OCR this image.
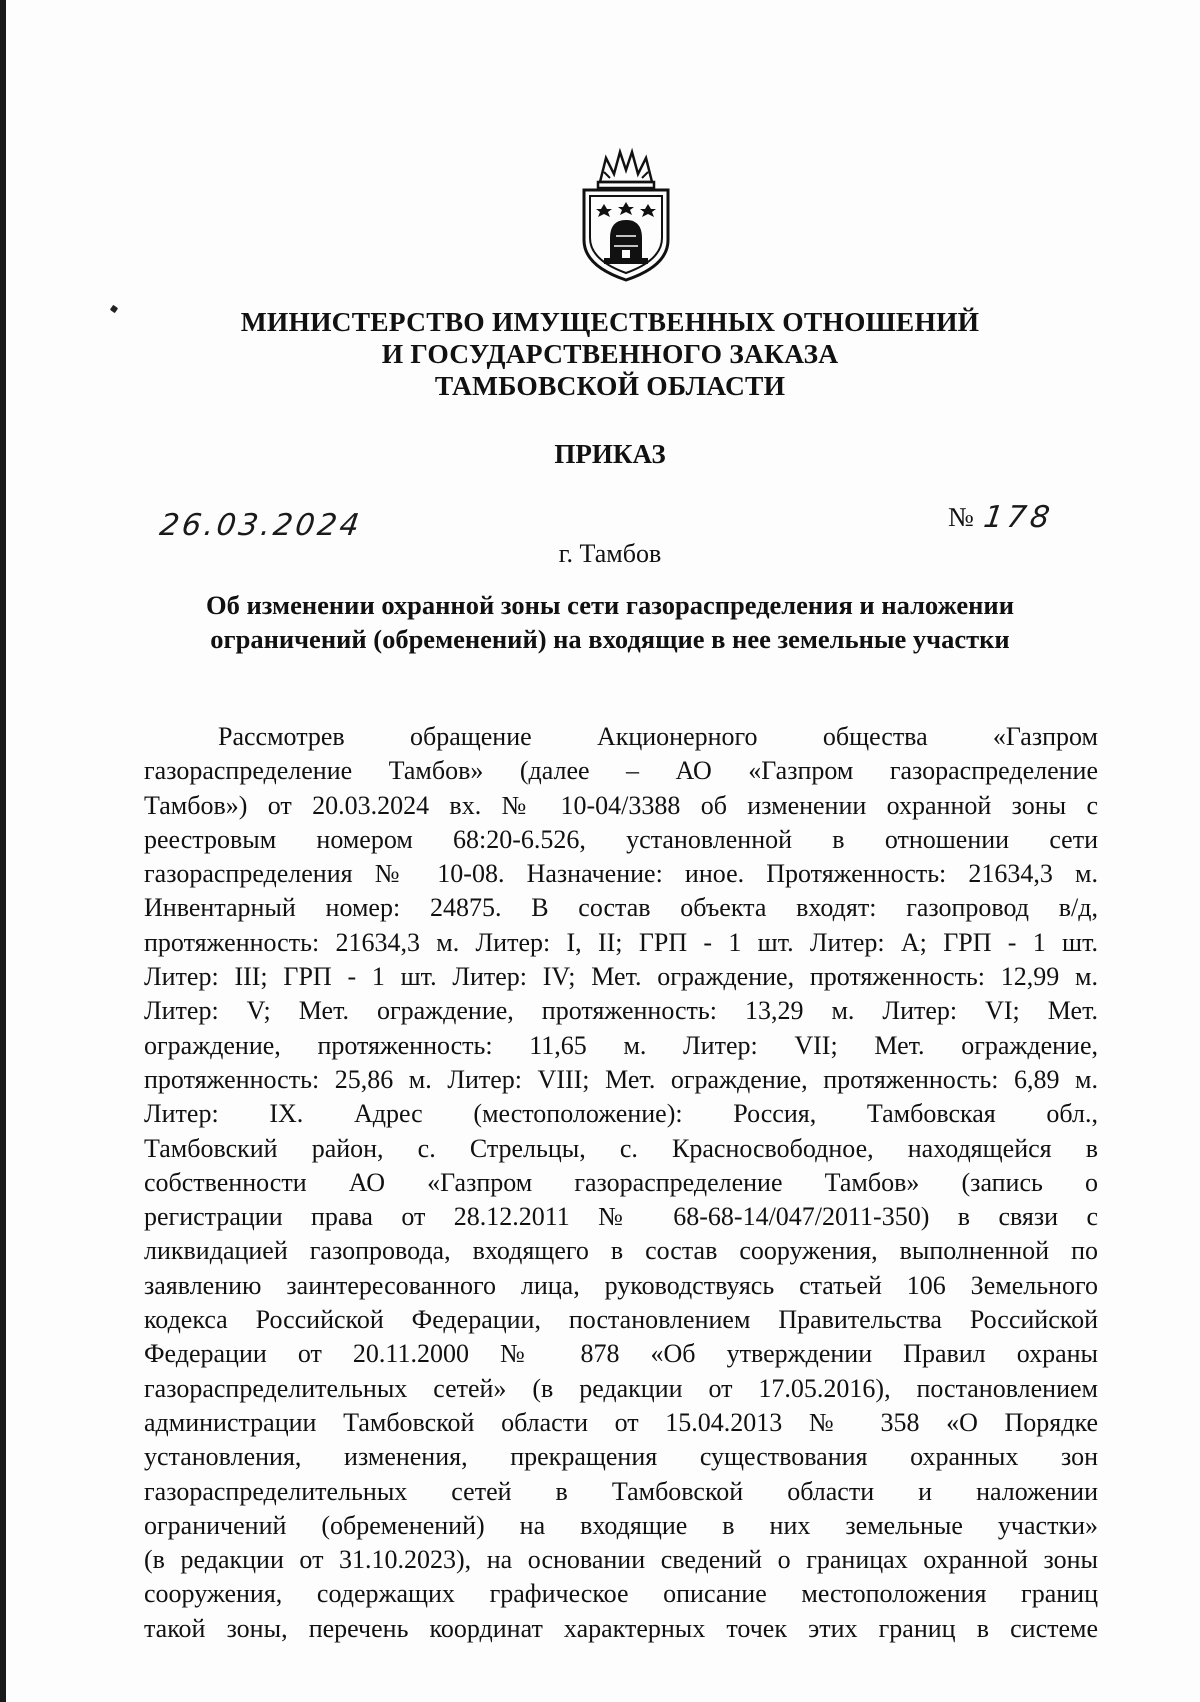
МИНИСТЕРСТВО ИМУЩЕСТВЕННЫХ ОТНОШЕНИЙ
И ГОСУДАРСТВЕННОГО ЗАКАЗА
ТАМБОВСКОЙ ОБЛАСТИ
ПРИКАЗ
26.03.2024	№ 178
г. Тамбов
Об изменении охранной зоны сети газораспределения и наложении
ограничений (обременений) на входящие в нее земельные участки
Рассмотрев обращение Акционерного общества «Газпром
газораспределение Тамбов» (далее – АО «Газпром газораспределение
Тамбов») от 20.03.2024 вх. № 10-04/3388 об изменении охранной зоны с
реестровым номером 68:20-6.526, установленной в отношении сети
газораспределения № 10-08. Назначение: иное. Протяженность: 21634,3 м.
Инвентарный номер: 24875. В состав объекта входят: газопровод в/д,
протяженность: 21634,3 м. Литер: I, II; ГРП - 1 шт. Литер: А; ГРП - 1 шт.
Литер: III; ГРП - 1 шт. Литер: IV; Мет. ограждение, протяженность: 12,99 м.
Литер: V; Мет. ограждение, протяженность: 13,29 м. Литер: VI; Мет.
ограждение, протяженность: 11,65 м. Литер: VII; Мет. ограждение,
протяженность: 25,86 м. Литер: VIII; Мет. ограждение, протяженность: 6,89 м.
Литер: IX. Адрес (местоположение): Россия, Тамбовская обл.,
Тамбовский район, с. Стрельцы, с. Красносвободное, находящейся в
собственности АО «Газпром газораспределение Тамбов» (запись о
регистрации права от 28.12.2011 № 68-68-14/047/2011-350) в связи с
ликвидацией газопровода, входящего в состав сооружения, выполненной по
заявлению заинтересованного лица, руководствуясь статьей 106 Земельного
кодекса Российской Федерации, постановлением Правительства Российской
Федерации от 20.11.2000 № 878 «Об утверждении Правил охраны
газораспределительных сетей» (в редакции от 17.05.2016), постановлением
администрации Тамбовской области от 15.04.2013 № 358 «О Порядке
установления, изменения, прекращения существования охранных зон
газораспределительных сетей в Тамбовской области и наложении
ограничений (обременений) на входящие в них земельные участки»
(в редакции от 31.10.2023), на основании сведений о границах охранной зоны
сооружения, содержащих графическое описание местоположения границ
такой зоны, перечень координат характерных точек этих границ в системе
